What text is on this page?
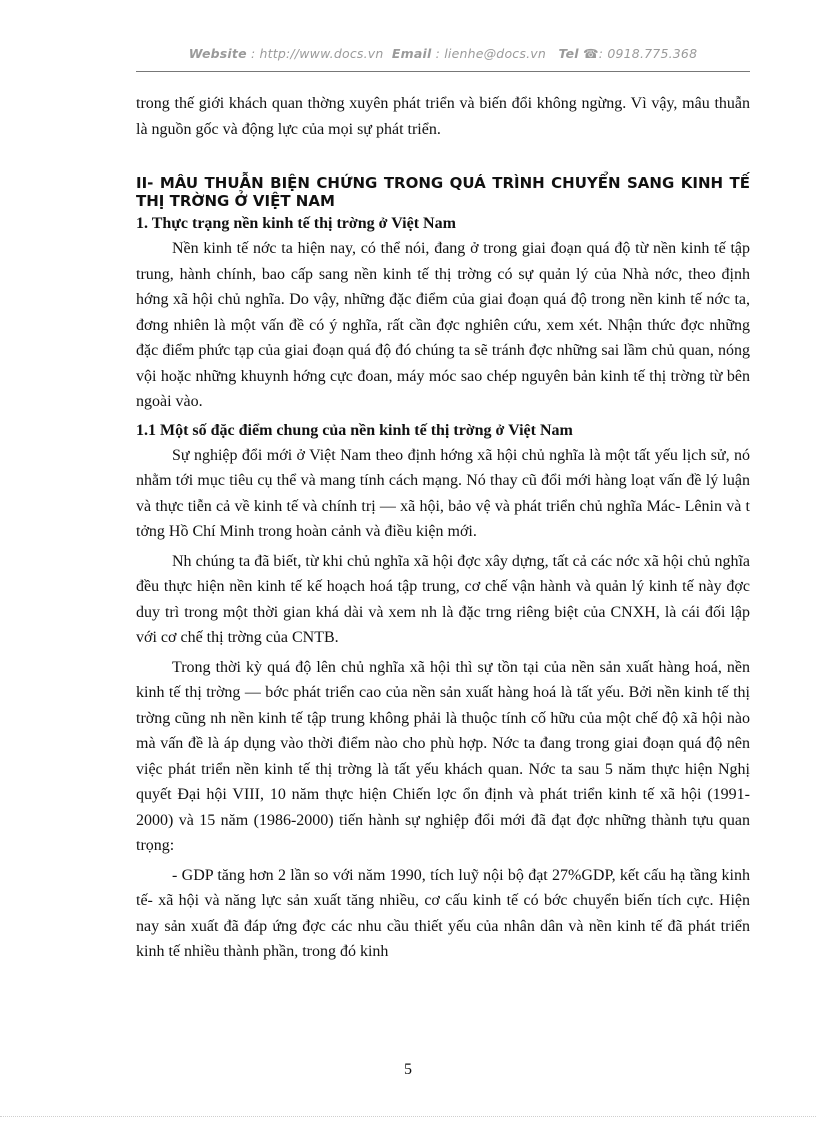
Website : http://www.docs.vn Email : lienhe@docs.vn Tel ☎: 0918.775.368

trong thế giới khách quan thờng xuyên phát triển và biến đổi không ngừng. Vì vậy, mâu thuẫn là nguồn gốc và động lực của mọi sự phát triển.

II- MÂU THUẪN BIỆN CHỨNG TRONG QUÁ TRÌNH CHUYỂN SANG KINH TẾ THỊ TRỜNG Ở VIỆT NAM
1. Thực trạng nền kinh tế thị trờng ở Việt Nam

Nền kinh tế nớc ta hiện nay, có thể nói, đang ở trong giai đoạn quá độ từ nền kinh tế tập trung, hành chính, bao cấp sang nền kinh tế thị trờng có sự quản lý của Nhà nớc, theo định hớng xã hội chủ nghĩa. Do vậy, những đặc điểm của giai đoạn quá độ trong nền kinh tế nớc ta, đơng nhiên là một vấn đề có ý nghĩa, rất cần đợc nghiên cứu, xem xét. Nhận thức đợc những đặc điểm phức tạp của giai đoạn quá độ đó chúng ta sẽ tránh đợc những sai lầm chủ quan, nóng vội hoặc những khuynh hớng cực đoan, máy móc sao chép nguyên bản kinh tế thị trờng từ bên ngoài vào.

1.1 Một số đặc điểm chung của nền kinh tế thị trờng ở Việt Nam

Sự nghiệp đổi mới ở Việt Nam theo định hớng xã hội chủ nghĩa là một tất yếu lịch sử, nó nhằm tới mục tiêu cụ thể và mang tính cách mạng. Nó thay cũ đổi mới hàng loạt vấn đề lý luận và thực tiễn cả về kinh tế và chính trị — xã hội, bảo vệ và phát triển chủ nghĩa Mác- Lênin và t tởng Hồ Chí Minh trong hoàn cảnh và điều kiện mới.

Nh chúng ta đã biết, từ khi chủ nghĩa xã hội đợc xây dựng, tất cả các nớc xã hội chủ nghĩa đều thực hiện nền kinh tế kế hoạch hoá tập trung, cơ chế vận hành và quản lý kinh tế này đợc duy trì trong một thời gian khá dài và xem nh là đặc trng riêng biệt của CNXH, là cái đối lập với cơ chế thị trờng của CNTB.

Trong thời kỳ quá độ lên chủ nghĩa xã hội thì sự tồn tại của nền sản xuất hàng hoá, nền kinh tế thị trờng — bớc phát triển cao của nền sản xuất hàng hoá là tất yếu. Bởi nền kinh tế thị trờng cũng nh nền kinh tế tập trung không phải là thuộc tính cố hữu của một chế độ xã hội nào mà vấn đề là áp dụng vào thời điểm nào cho phù hợp. Nớc ta đang trong giai đoạn quá độ nên việc phát triển nền kinh tế thị trờng là tất yếu khách quan. Nớc ta sau 5 năm thực hiện Nghị quyết Đại hội VIII, 10 năm thực hiện Chiến lợc ổn định và phát triển kinh tế xã hội (1991-2000) và 15 năm (1986-2000) tiến hành sự nghiệp đổi mới đã đạt đợc những thành tựu quan trọng:

- GDP tăng hơn 2 lần so với năm 1990, tích luỹ nội bộ đạt 27%GDP, kết cấu hạ tầng kinh tế- xã hội và năng lực sản xuất tăng nhiều, cơ cấu kinh tế có bớc chuyển biến tích cực. Hiện nay sản xuất đã đáp ứng đợc các nhu cầu thiết yếu của nhân dân và nền kinh tế đã phát triển kinh tế nhiều thành phần, trong đó kinh

5
